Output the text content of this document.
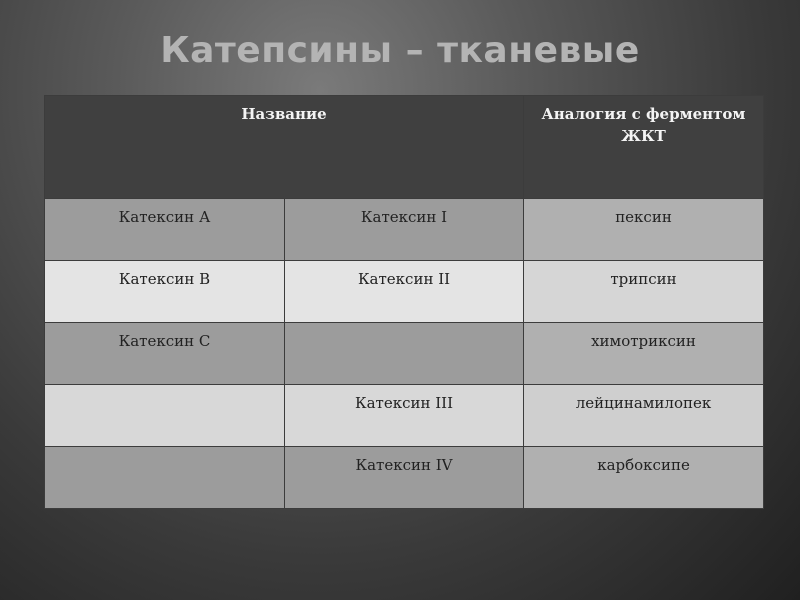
Катепсины – тканевые
Название		Аналогия с ферментом ЖКТ
Катексин А	Катексин I	пексин
Катексин В	Катексин II	трипсин
Катексин С		химотриксин
	Катексин III	лейцинамилопек
	Катексин IV	карбоксипе
